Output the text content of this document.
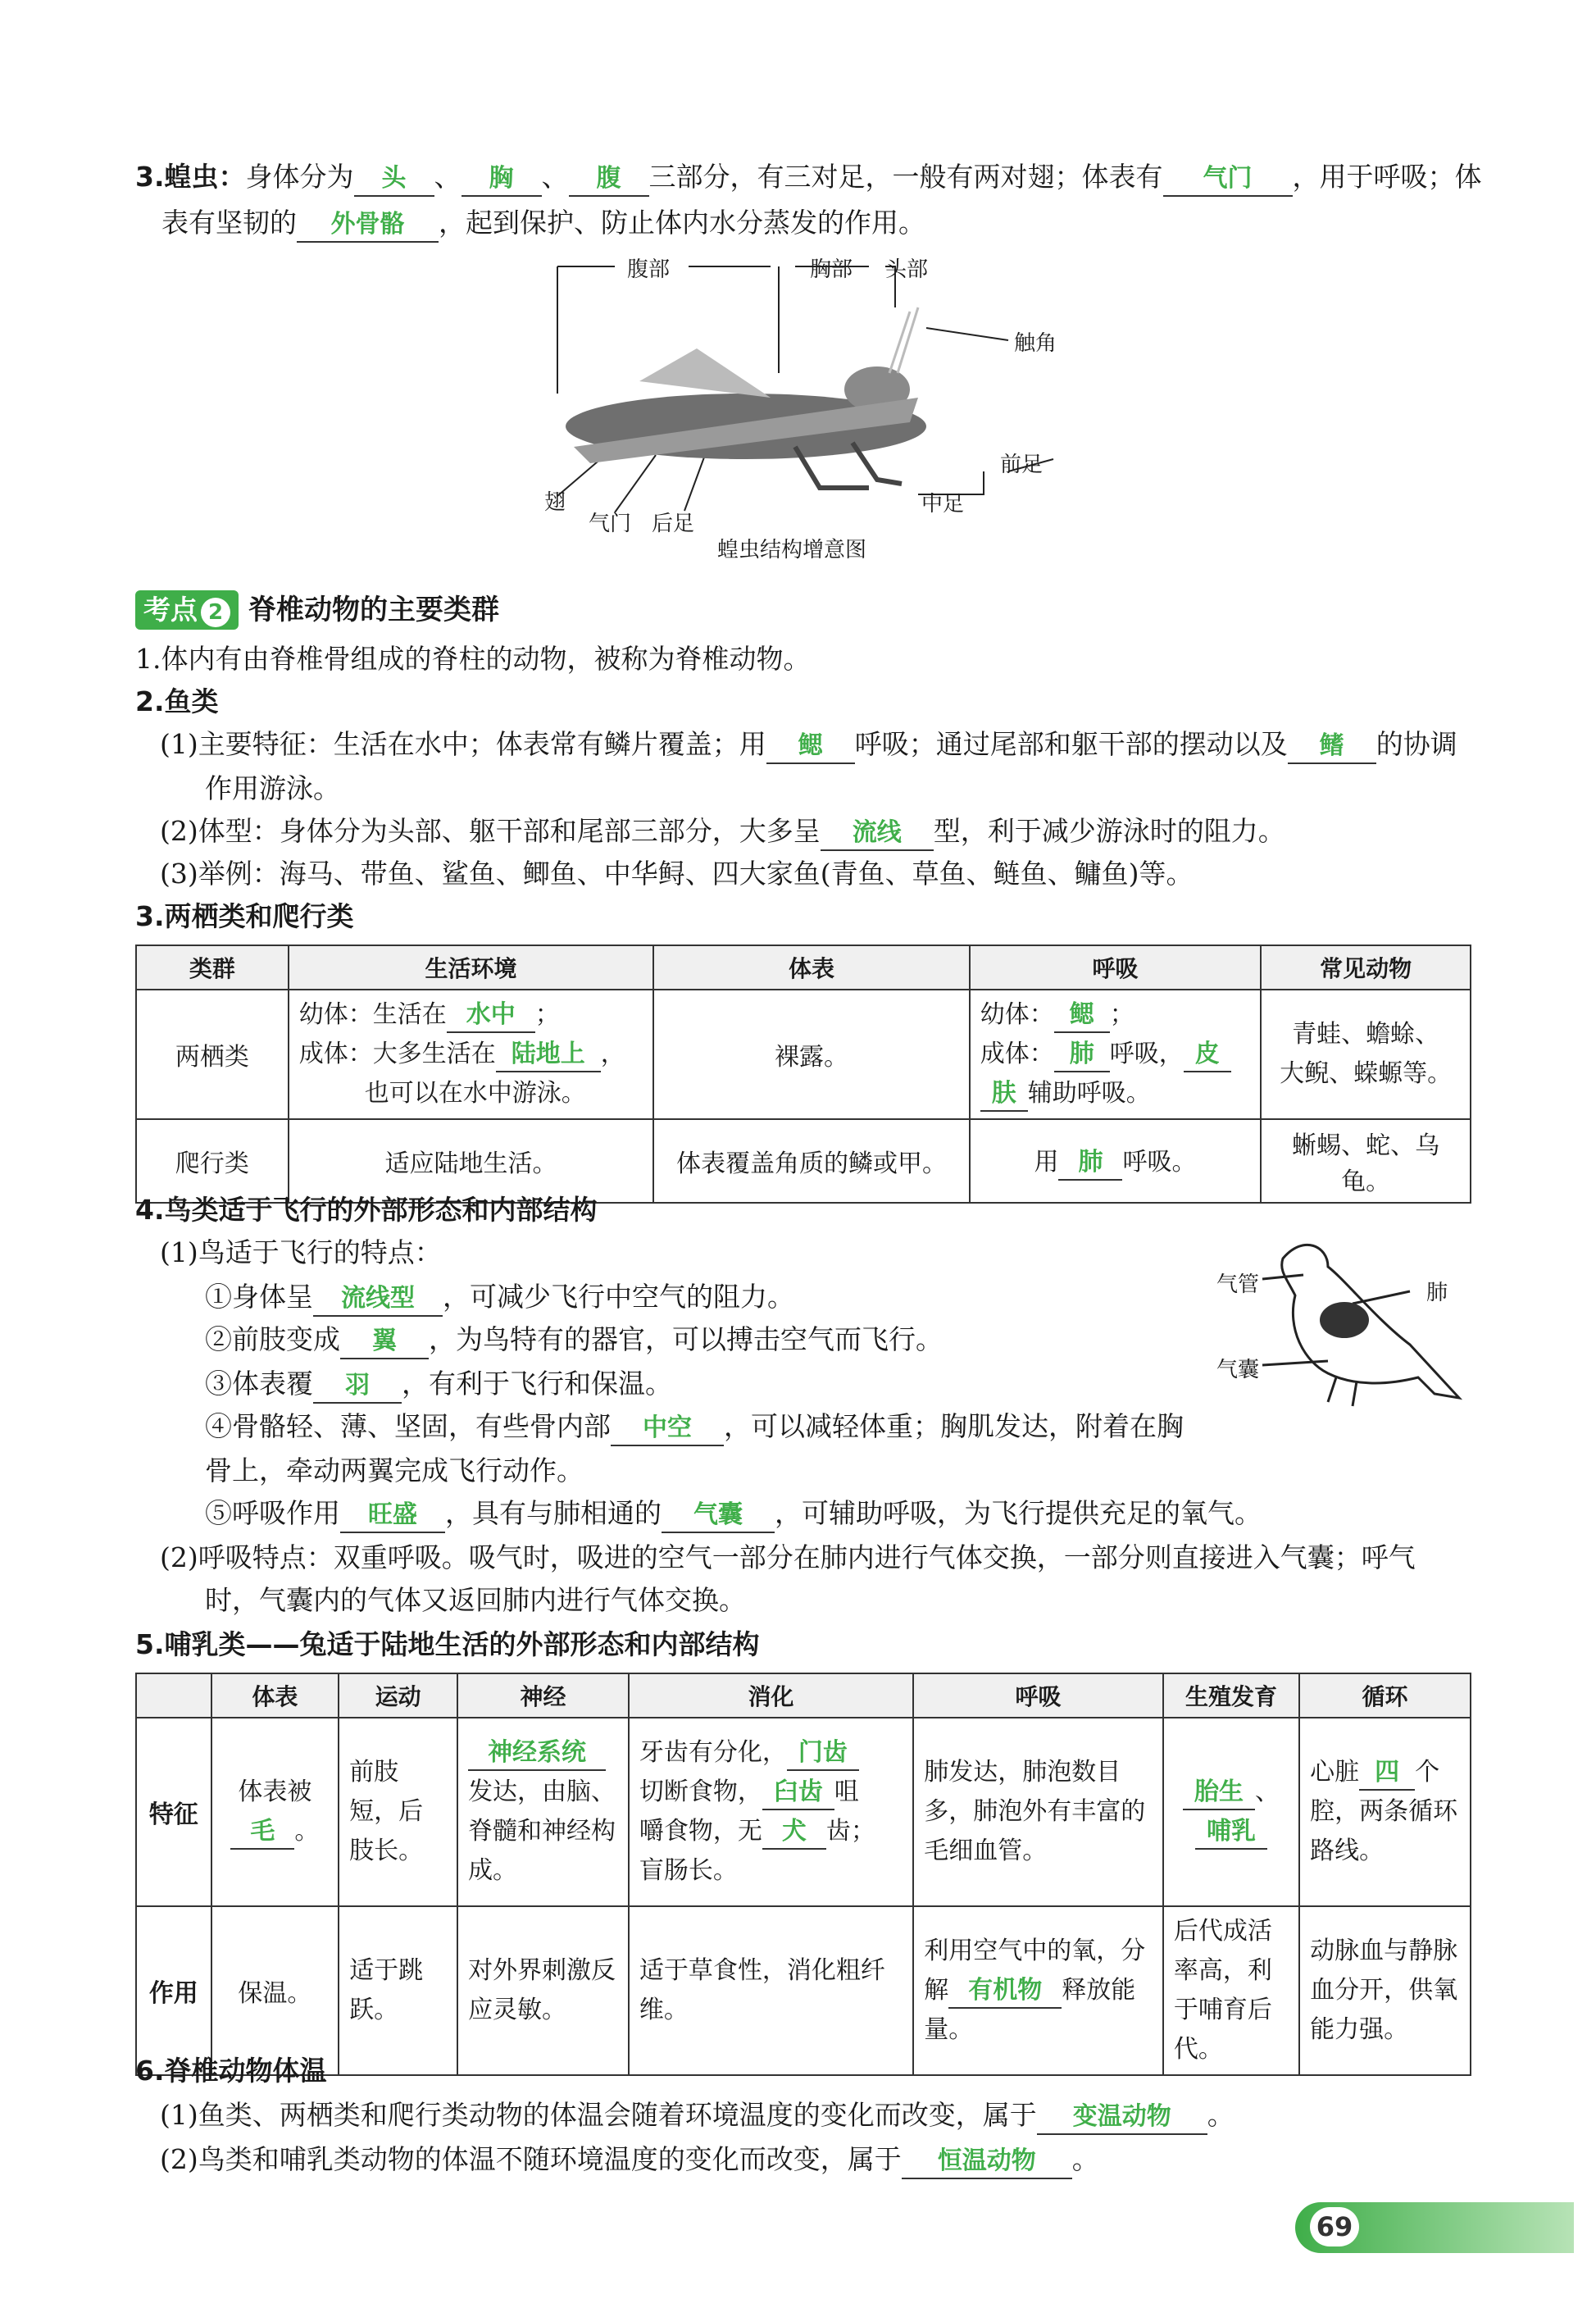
3.蝗虫：身体分为 头 、 胸 、 腹 三部分，有三对足，一般有两对翅；体表有 气门 ，用于呼吸；体
表有坚韧的 外骨骼 ，起到保护、防止体内水分蒸发的作用。
腹部	胸部 头部
触角
前足
中足
后足
气门
翅
蝗虫结构增意图
考点 2 脊椎动物的主要类群
1.体内有由脊椎骨组成的脊柱的动物，被称为脊椎动物。
2.鱼类
(1)主要特征：生活在水中；体表常有鳞片覆盖；用 鳃 呼吸；通过尾部和躯干部的摆动以及 鳍 的协调
作用游泳。
(2)体型：身体分为头部、躯干部和尾部三部分，大多呈 流线 型，利于减少游泳时的阻力。
(3)举例：海马、带鱼、鲨鱼、鲫鱼、中华鲟、四大家鱼(青鱼、草鱼、鲢鱼、鳙鱼)等。
3.两栖类和爬行类
类群	生活环境	体表	呼吸	常见动物
两栖类	幼体：生活在 水中 ；
成体：大多生活在 陆地上 ，
也可以在水中游泳。	裸露。	幼体： 鳃 ；
成体： 肺 呼吸， 皮
肤 辅助呼吸。	青蛙、蟾蜍、
大鲵、蝾螈等。
爬行类	适应陆地生活。	体表覆盖角质的鳞或甲。	用 肺 呼吸。	蜥蜴、蛇、乌龟。
4.鸟类适于飞行的外部形态和内部结构
(1)鸟适于飞行的特点：
①身体呈 流线型 ，可减少飞行中空气的阻力。
②前肢变成 翼 ，为鸟特有的器官，可以搏击空气而飞行。
③体表覆 羽 ，有利于飞行和保温。
④骨骼轻、薄、坚固，有些骨内部 中空 ，可以减轻体重；胸肌发达，附着在胸
骨上，牵动两翼完成飞行动作。
⑤呼吸作用 旺盛 ，具有与肺相通的 气囊 ，可辅助呼吸，为飞行提供充足的氧气。
(2)呼吸特点：双重呼吸。吸气时，吸进的空气一部分在肺内进行气体交换，一部分则直接进入气囊；呼气
时，气囊内的气体又返回肺内进行气体交换。
气管	肺
气囊
5.哺乳类——兔适于陆地生活的外部形态和内部结构
	体表	运动	神经	消化	呼吸	生殖发育	循环
特征	体表被
毛 。	前肢短，后肢长。	神经系统
发达，由脑、脊髓和神经构成。	牙齿有分化， 门齿
切断食物， 臼齿 咀
嚼食物，无 犬 齿；
盲肠长。	肺发达，肺泡数目多，肺泡外有丰富的毛细血管。	胎生 、
哺乳	心脏 四 个腔，两条循环路线。
作用	保温。	适于跳跃。	对外界刺激反应灵敏。	适于草食性，消化粗纤维。	利用空气中的氧，分解 有机物 释放能量。	后代成活率高，利于哺育后代。	动脉血与静脉血分开，供氧能力强。
6.脊椎动物体温
(1)鱼类、两栖类和爬行类动物的体温会随着环境温度的变化而改变，属于 变温动物 。
(2)鸟类和哺乳类动物的体温不随环境温度的变化而改变，属于 恒温动物 。
69
